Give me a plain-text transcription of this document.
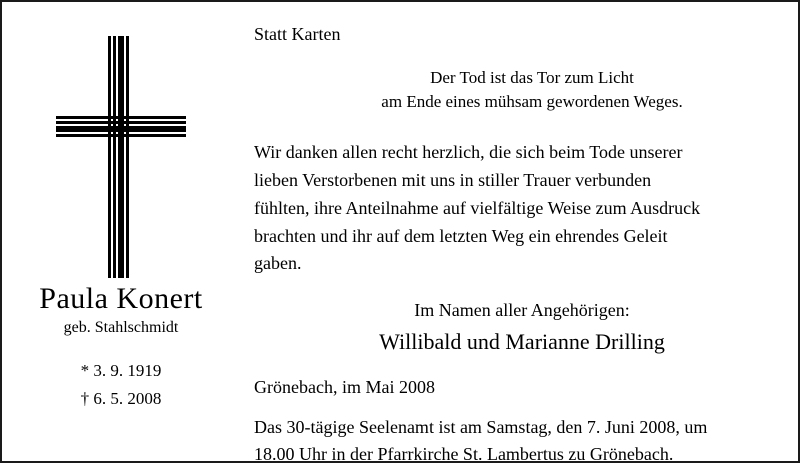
Paula Konert
geb. Stahlschmidt
* 3. 9. 1919
† 6. 5. 2008
Statt Karten
Der Tod ist das Tor zum Licht
am Ende eines mühsam gewordenen Weges.
Wir danken allen recht herzlich, die sich beim Tode unserer
lieben Verstorbenen mit uns in stiller Trauer verbunden
fühlten, ihre Anteilnahme auf vielfältige Weise zum Ausdruck
brachten und ihr auf dem letzten Weg ein ehrendes Geleit
gaben.
Im Namen aller Angehörigen:
Willibald und Marianne Drilling
Grönebach, im Mai 2008
Das 30-tägige Seelenamt ist am Samstag, den 7. Juni 2008, um
18.00 Uhr in der Pfarrkirche St. Lambertus zu Grönebach.
